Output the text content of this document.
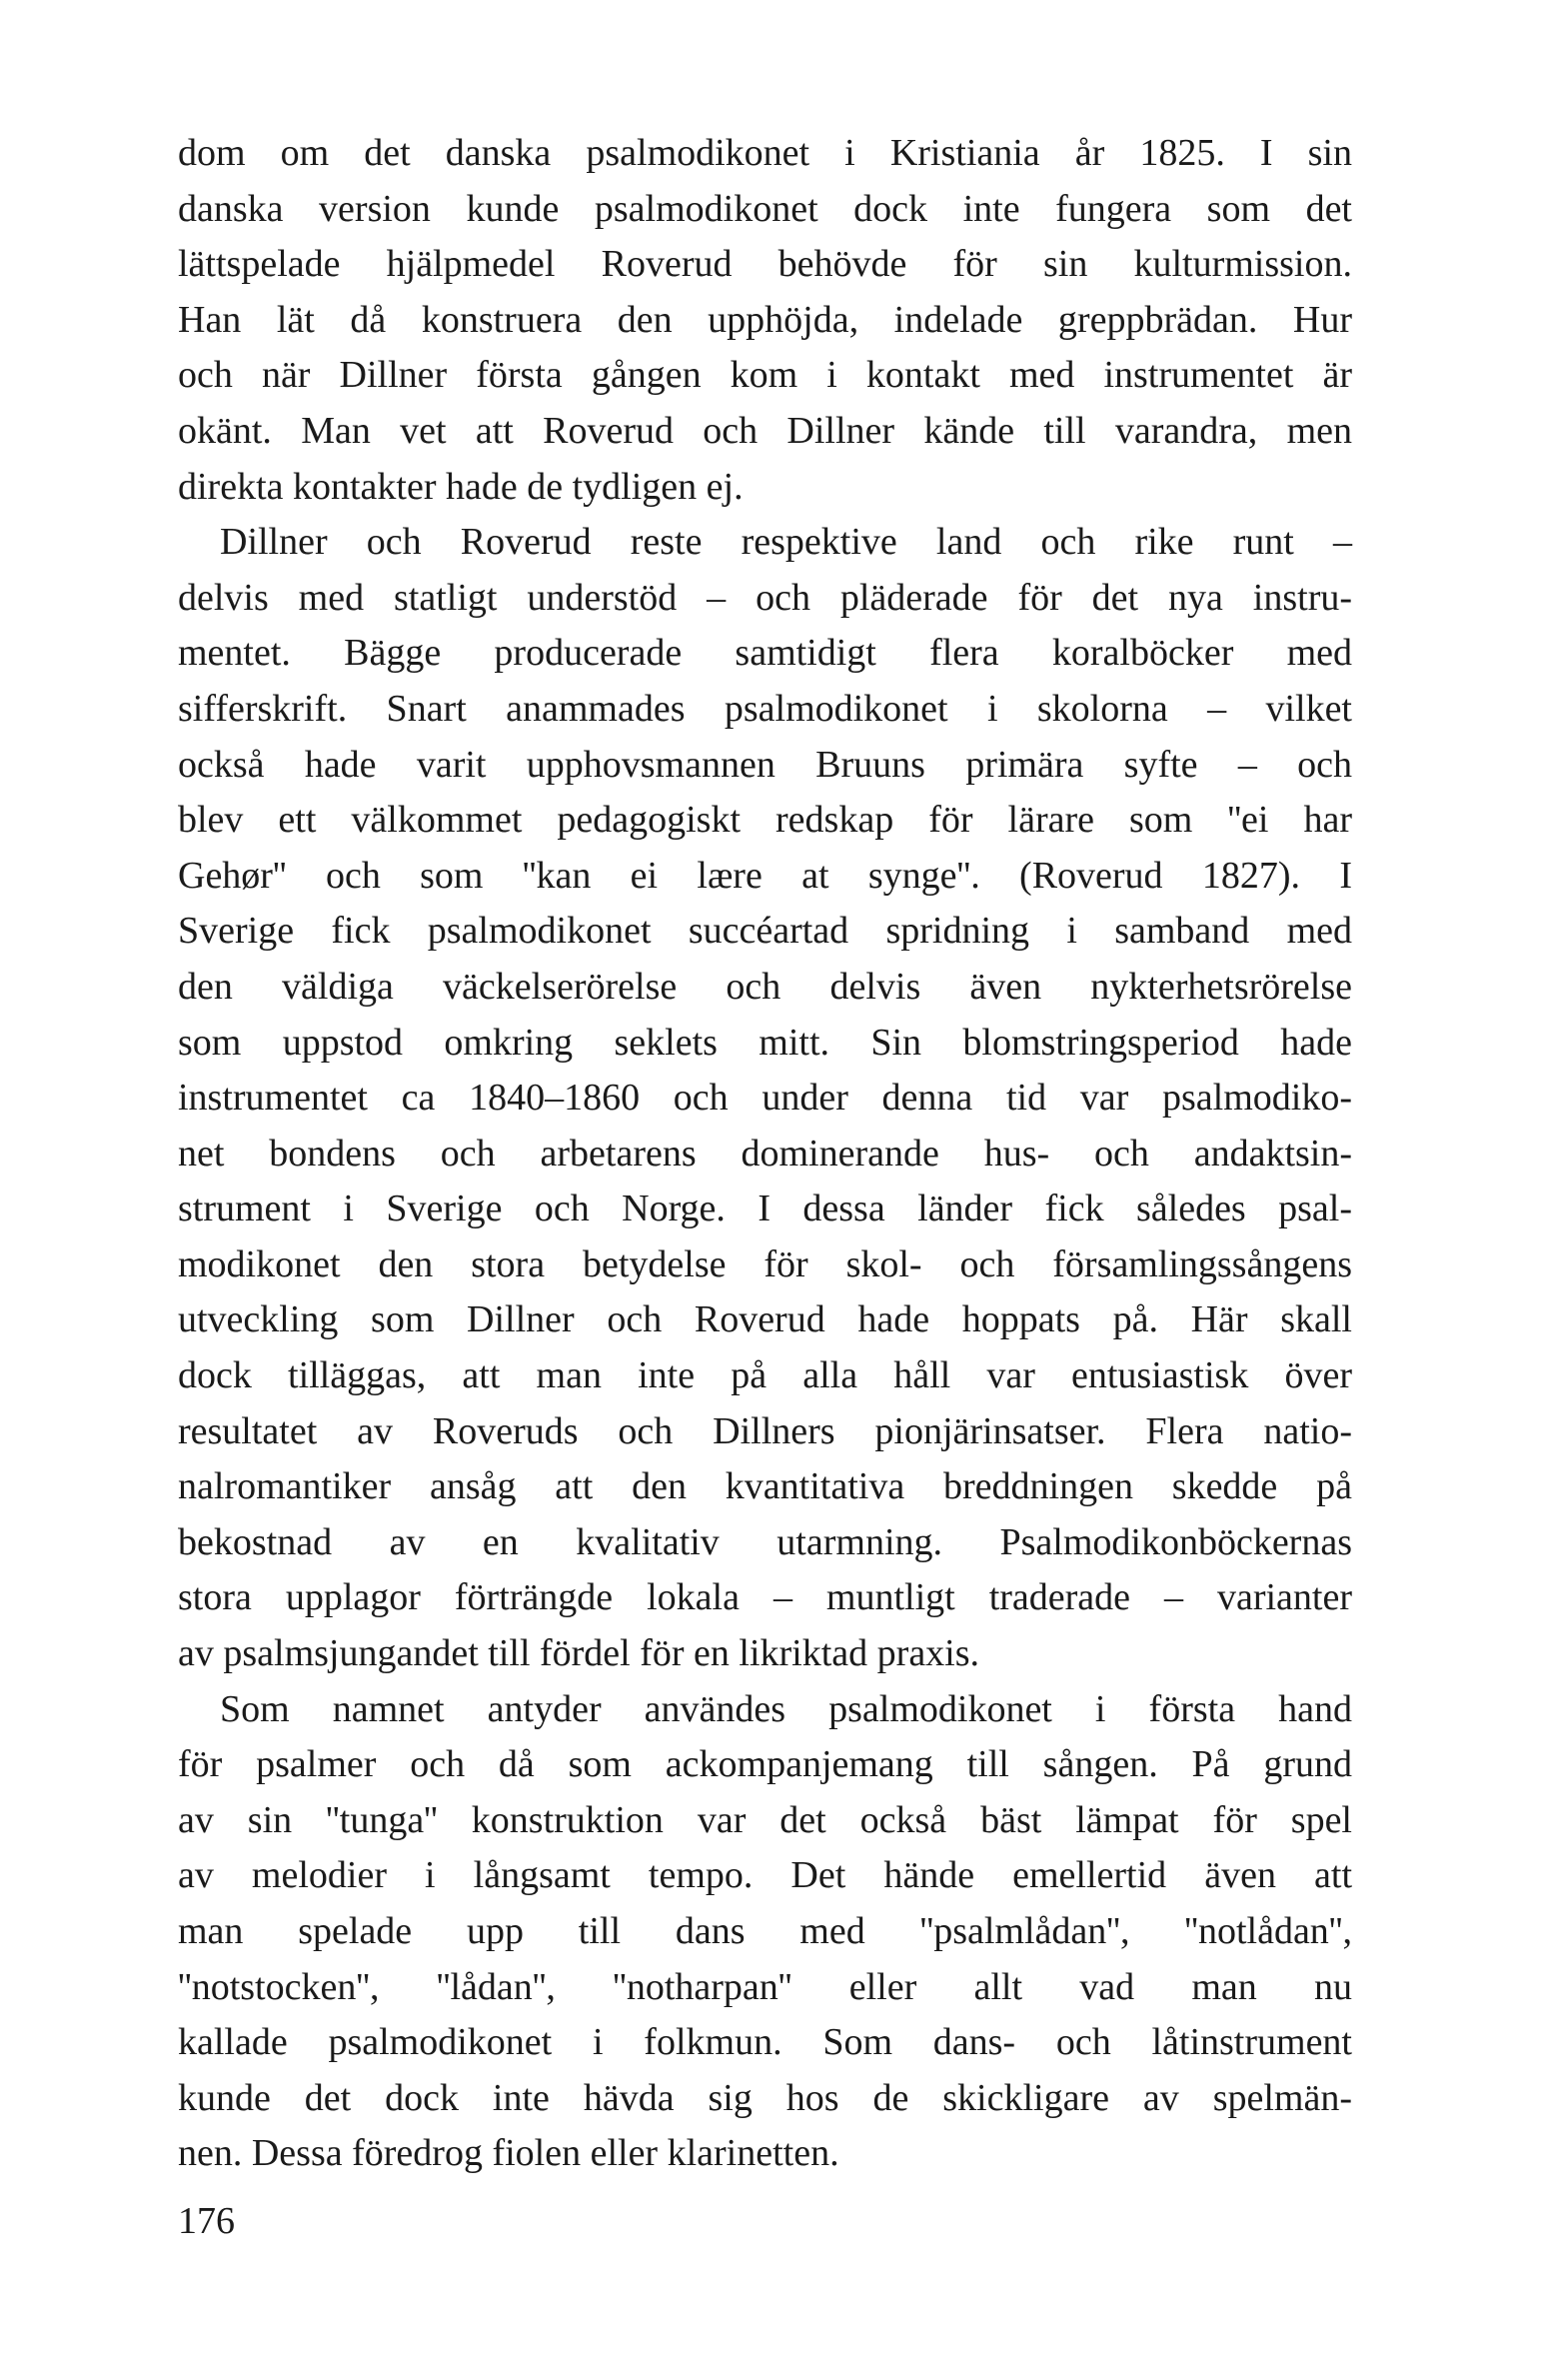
dom om det danska psalmodikonet i Kristiania år 1825. I sin
danska version kunde psalmodikonet dock inte fungera som det
lättspelade hjälpmedel Roverud behövde för sin kulturmission.
Han lät då konstruera den upphöjda, indelade greppbrädan. Hur
och när Dillner första gången kom i kontakt med instrumentet är
okänt. Man vet att Roverud och Dillner kände till varandra, men
direkta kontakter hade de tydligen ej.
Dillner och Roverud reste respektive land och rike runt –
delvis med statligt understöd – och pläderade för det nya instru-
mentet. Bägge producerade samtidigt flera koralböcker med
sifferskrift. Snart anammades psalmodikonet i skolorna – vilket
också hade varit upphovsmannen Bruuns primära syfte – och
blev ett välkommet pedagogiskt redskap för lärare som ''ei har
Gehør'' och som ''kan ei lære at synge''. (Roverud 1827). I
Sverige fick psalmodikonet succéartad spridning i samband med
den väldiga väckelserörelse och delvis även nykterhetsrörelse
som uppstod omkring seklets mitt. Sin blomstringsperiod hade
instrumentet ca 1840–1860 och under denna tid var psalmodiko-
net bondens och arbetarens dominerande hus- och andaktsin-
strument i Sverige och Norge. I dessa länder fick således psal-
modikonet den stora betydelse för skol- och församlingssångens
utveckling som Dillner och Roverud hade hoppats på. Här skall
dock tilläggas, att man inte på alla håll var entusiastisk över
resultatet av Roveruds och Dillners pionjärinsatser. Flera natio-
nalromantiker ansåg att den kvantitativa breddningen skedde på
bekostnad av en kvalitativ utarmning. Psalmodikonböckernas
stora upplagor förträngde lokala – muntligt traderade – varianter
av psalmsjungandet till fördel för en likriktad praxis.
Som namnet antyder användes psalmodikonet i första hand
för psalmer och då som ackompanjemang till sången. På grund
av sin ''tunga'' konstruktion var det också bäst lämpat för spel
av melodier i långsamt tempo. Det hände emellertid även att
man spelade upp till dans med ''psalmlådan'', ''notlådan'',
''notstocken'', ''lådan'', ''notharpan'' eller allt vad man nu
kallade psalmodikonet i folkmun. Som dans- och låtinstrument
kunde det dock inte hävda sig hos de skickligare av spelmän-
nen. Dessa föredrog fiolen eller klarinetten.
176
